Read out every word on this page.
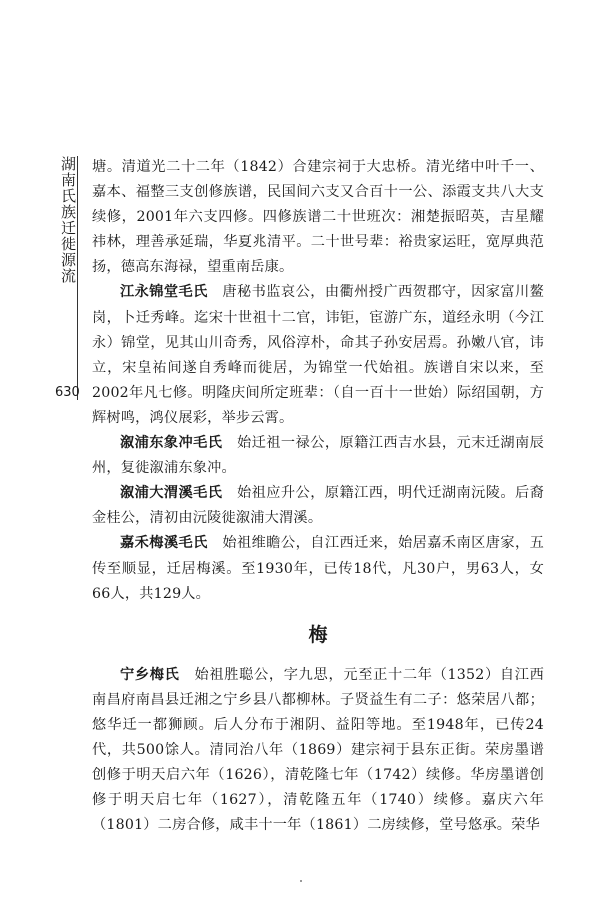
湖南氏族迁徙源流
630

塘。清道光二十二年（1842）合建宗祠于大忠桥。清光绪中叶千一、嘉本、福整三支创修族谱，民国间六支又合百十一公、添霞支共八大支续修，2001年六支四修。四修族谱二十世班次：湘楚振昭英，吉星耀祎林，理善承延瑞，华夏兆清平。二十世号辈：裕贵家运旺，宽厚典范扬，德高东海禄，望重南岳康。

江永锦堂毛氏　 唐秘书监哀公，由衢州授广西贺郡守，因家富川鳌岗，卜迁秀峰。迄宋十世祖十二官，讳钜，宦游广东，道经永明（今江永）锦堂，见其山川奇秀，风俗淳朴，命其子孙安居焉。孙嫩八官，讳立，宋皇祐间遂自秀峰而徙居，为锦堂一代始祖。族谱自宋以来，至2002年凡七修。明隆庆间所定班辈：（自一百十一世始）际绍国朝，方辉树鸣，鸿仪展彩，举步云霄。

溆浦东象冲毛氏　 始迁祖一禄公，原籍江西吉水县，元末迁湖南辰州，复徙溆浦东象冲。

溆浦大渭溪毛氏　 始祖应升公，原籍江西，明代迁湖南沅陵。后裔金桂公，清初由沅陵徙溆浦大渭溪。

嘉禾梅溪毛氏　 始祖维瞻公，自江西迁来，始居嘉禾南区唐家，五传至顺显，迁居梅溪。至1930年，已传18代，凡30户，男63人，女66人，共129人。

梅

宁乡梅氏　 始祖胜聪公，字九思，元至正十二年（1352）自江西南昌府南昌县迁湘之宁乡县八都柳林。子贤益生有二子：悠荣居八都；悠华迁一都狮顾。后人分布于湘阴、益阳等地。至1948年，已传24代，共500馀人。清同治八年（1869）建宗祠于县东正街。荣房墨谱创修于明天启六年（1626），清乾隆七年（1742）续修。华房墨谱创修于明天启七年（1627），清乾隆五年（1740）续修。嘉庆六年（1801）二房合修，咸丰十一年（1861）二房续修，堂号悠承。荣华
